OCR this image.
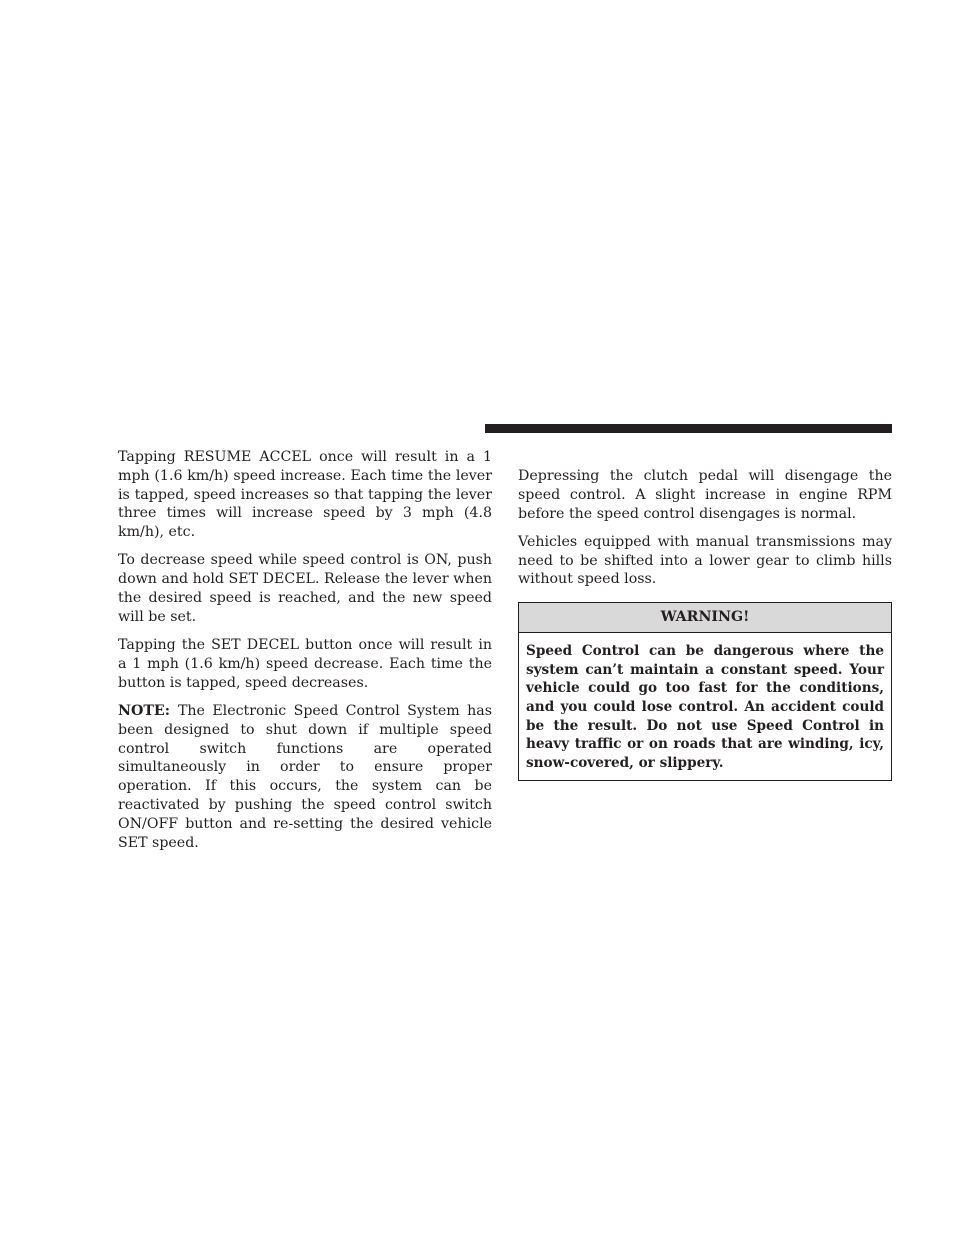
Tapping RESUME ACCEL once will result in a 1 mph (1.6 km/h) speed increase. Each time the lever is tapped, speed increases so that tapping the lever three times will increase speed by 3 mph (4.8 km/h), etc.

To decrease speed while speed control is ON, push down and hold SET DECEL. Release the lever when the desired speed is reached, and the new speed will be set.

Tapping the SET DECEL button once will result in a 1 mph (1.6 km/h) speed decrease. Each time the button is tapped, speed decreases.

NOTE: The Electronic Speed Control System has been designed to shut down if multiple speed control switch functions are operated simultaneously in order to ensure proper operation. If this occurs, the system can be reactivated by pushing the speed control switch ON/OFF button and re-setting the desired vehicle SET speed.

Depressing the clutch pedal will disengage the speed control. A slight increase in engine RPM before the speed control disengages is normal.

Vehicles equipped with manual transmissions may need to be shifted into a lower gear to climb hills without speed loss.

WARNING!
Speed Control can be dangerous where the system can’t maintain a constant speed. Your vehicle could go too fast for the conditions, and you could lose control. An accident could be the result. Do not use Speed Control in heavy traffic or on roads that are winding, icy, snow-covered, or slippery.
